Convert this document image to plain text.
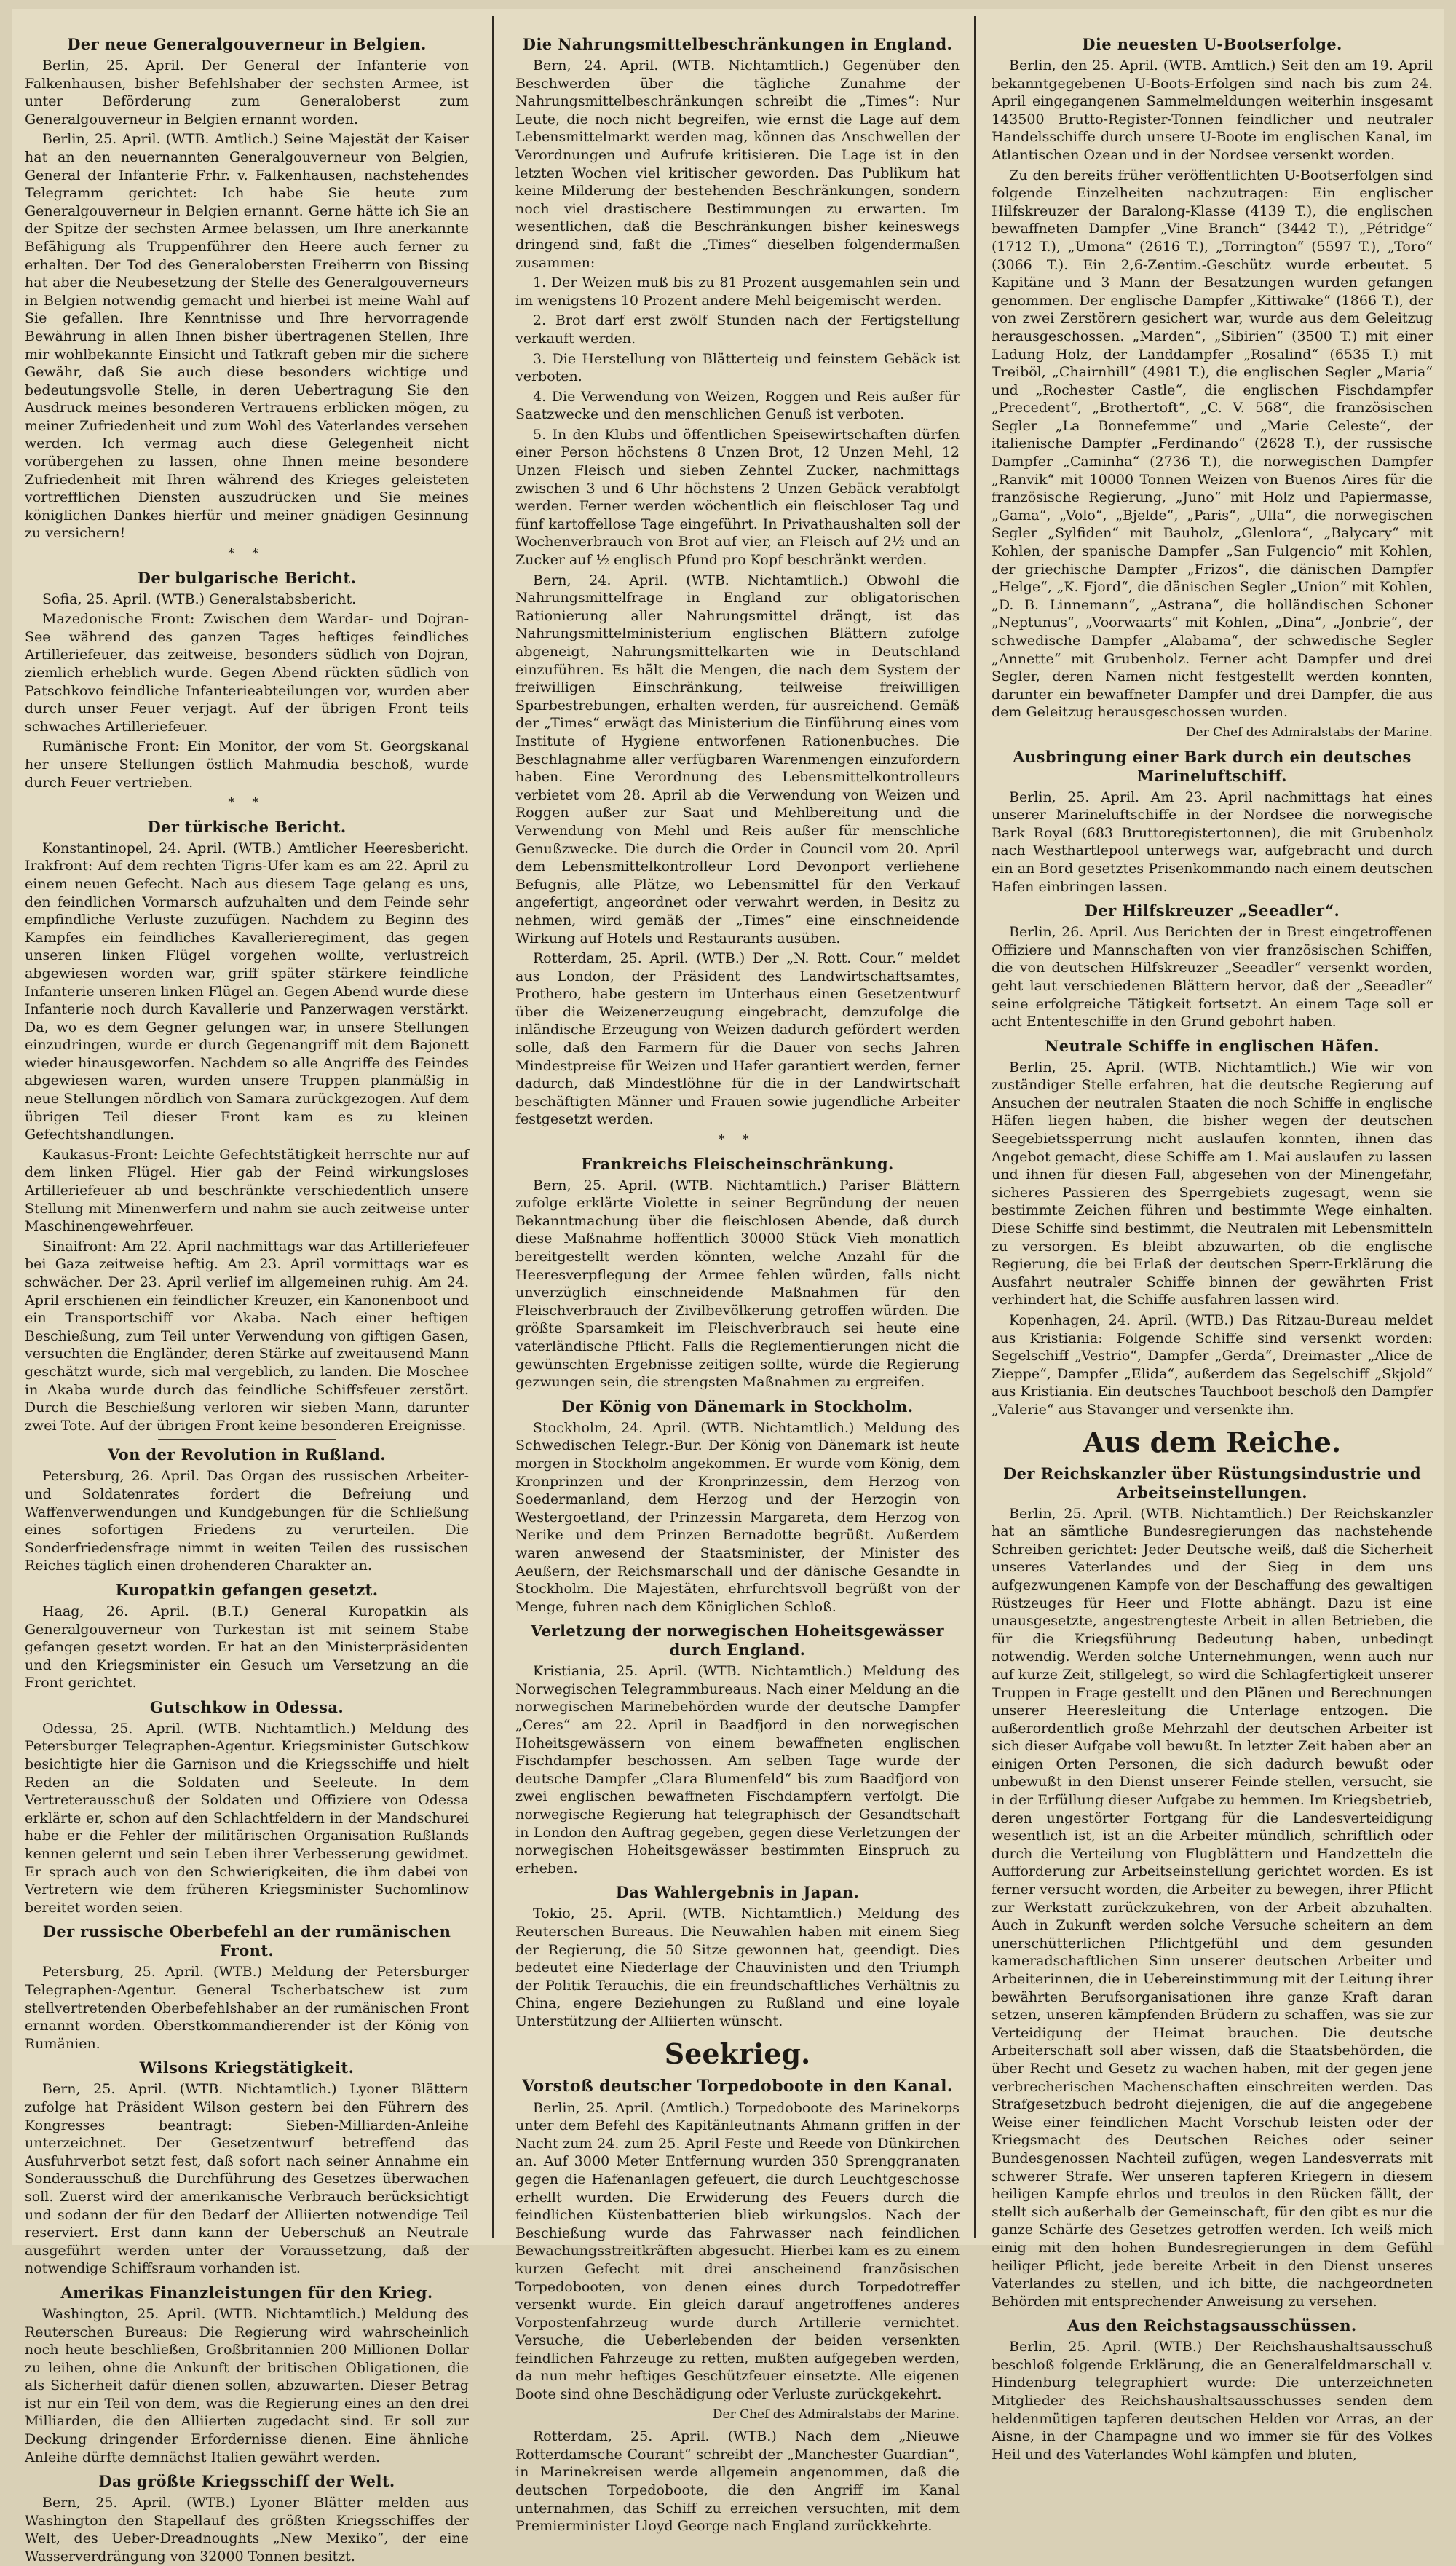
Der neue Generalgouverneur in Belgien.

Berlin, 25. April. Der General der Infanterie von Falkenhausen, bisher Befehlshaber der sechsten Armee, ist unter Beförderung zum Generaloberst zum Generalgouverneur in Belgien ernannt worden.

Berlin, 25. April. (WTB. Amtlich.) Seine Majestät der Kaiser hat an den neuernannten Generalgouverneur von Belgien, General der Infanterie Frhr. v. Falkenhausen, nachstehendes Telegramm gerichtet: Ich habe Sie heute zum Generalgouverneur in Belgien ernannt. Gerne hätte ich Sie an der Spitze der sechsten Armee belassen, um Ihre anerkannte Befähigung als Truppenführer den Heere auch ferner zu erhalten. Der Tod des Generalobersten Freiherrn von Bissing hat aber die Neubesetzung der Stelle des Generalgouverneurs in Belgien notwendig gemacht und hierbei ist meine Wahl auf Sie gefallen. Ihre Kenntnisse und Ihre hervorragende Bewährung in allen Ihnen bisher übertragenen Stellen, Ihre mir wohlbekannte Einsicht und Tatkraft geben mir die sichere Gewähr, daß Sie auch diese besonders wichtige und bedeutungsvolle Stelle, in deren Uebertragung Sie den Ausdruck meines besonderen Vertrauens erblicken mögen, zu meiner Zufriedenheit und zum Wohl des Vaterlandes versehen werden. Ich vermag auch diese Gelegenheit nicht vorübergehen zu lassen, ohne Ihnen meine besondere Zufriedenheit mit Ihren während des Krieges geleisteten vortrefflichen Diensten auszudrücken und Sie meines königlichen Dankes hierfür und meiner gnädigen Gesinnung zu versichern!

* *
Der bulgarische Bericht.

Sofia, 25. April. (WTB.) Generalstabsbericht.

Mazedonische Front: Zwischen dem Wardar- und Dojran-See während des ganzen Tages heftiges feindliches Artilleriefeuer, das zeitweise, besonders südlich von Dojran, ziemlich erheblich wurde. Gegen Abend rückten südlich von Patschkovo feindliche Infanterieabteilungen vor, wurden aber durch unser Feuer verjagt. Auf der übrigen Front teils schwaches Artilleriefeuer.

Rumänische Front: Ein Monitor, der vom St. Georgskanal her unsere Stellungen östlich Mahmudia beschoß, wurde durch Feuer vertrieben.

* *
Der türkische Bericht.

Konstantinopel, 24. April. (WTB.) Amtlicher Heeresbericht. Irakfront: Auf dem rechten Tigris-Ufer kam es am 22. April zu einem neuen Gefecht. Nach aus diesem Tage gelang es uns, den feindlichen Vormarsch aufzuhalten und dem Feinde sehr empfindliche Verluste zuzufügen. Nachdem zu Beginn des Kampfes ein feindliches Kavallerieregiment, das gegen unseren linken Flügel vorgehen wollte, verlustreich abgewiesen worden war, griff später stärkere feindliche Infanterie unseren linken Flügel an. Gegen Abend wurde diese Infanterie noch durch Kavallerie und Panzerwagen verstärkt. Da, wo es dem Gegner gelungen war, in unsere Stellungen einzudringen, wurde er durch Gegenangriff mit dem Bajonett wieder hinausgeworfen. Nachdem so alle Angriffe des Feindes abgewiesen waren, wurden unsere Truppen planmäßig in neue Stellungen nördlich von Samara zurückgezogen. Auf dem übrigen Teil dieser Front kam es zu kleinen Gefechtshandlungen.

Kaukasus-Front: Leichte Gefechtstätigkeit herrschte nur auf dem linken Flügel. Hier gab der Feind wirkungsloses Artilleriefeuer ab und beschränkte verschiedentlich unsere Stellung mit Minenwerfern und nahm sie auch zeitweise unter Maschinengewehrfeuer.

Sinaifront: Am 22. April nachmittags war das Artilleriefeuer bei Gaza zeitweise heftig. Am 23. April vormittags war es schwächer. Der 23. April verlief im allgemeinen ruhig. Am 24. April erschienen ein feindlicher Kreuzer, ein Kanonenboot und ein Transportschiff vor Akaba. Nach einer heftigen Beschießung, zum Teil unter Verwendung von giftigen Gasen, versuchten die Engländer, deren Stärke auf zweitausend Mann geschätzt wurde, sich mal vergeblich, zu landen. Die Moschee in Akaba wurde durch das feindliche Schiffsfeuer zerstört. Durch die Beschießung verloren wir sieben Mann, darunter zwei Tote. Auf der übrigen Front keine besonderen Ereignisse.

Von der Revolution in Rußland.

Petersburg, 26. April. Das Organ des russischen Arbeiter- und Soldatenrates fordert die Befreiung und Waffenverwendungen und Kundgebungen für die Schließung eines sofortigen Friedens zu verurteilen. Die Sonderfriedensfrage nimmt in weiten Teilen des russischen Reiches täglich einen drohenderen Charakter an.

Kuropatkin gefangen gesetzt.

Haag, 26. April. (B.T.) General Kuropatkin als Generalgouverneur von Turkestan ist mit seinem Stabe gefangen gesetzt worden. Er hat an den Ministerpräsidenten und den Kriegsminister ein Gesuch um Versetzung an die Front gerichtet.

Gutschkow in Odessa.

Odessa, 25. April. (WTB. Nichtamtlich.) Meldung des Petersburger Telegraphen-Agentur. Kriegsminister Gutschkow besichtigte hier die Garnison und die Kriegsschiffe und hielt Reden an die Soldaten und Seeleute. In dem Vertreterausschuß der Soldaten und Offiziere von Odessa erklärte er, schon auf den Schlachtfeldern in der Mandschurei habe er die Fehler der militärischen Organisation Rußlands kennen gelernt und sein Leben ihrer Verbesserung gewidmet. Er sprach auch von den Schwierigkeiten, die ihm dabei von Vertretern wie dem früheren Kriegsminister Suchomlinow bereitet worden seien.

Der russische Oberbefehl an der rumänischen Front.

Petersburg, 25. April. (WTB.) Meldung der Petersburger Telegraphen-Agentur. General Tscherbatschew ist zum stellvertretenden Oberbefehlshaber an der rumänischen Front ernannt worden. Oberstkommandierender ist der König von Rumänien.

Wilsons Kriegstätigkeit.

Bern, 25. April. (WTB. Nichtamtlich.) Lyoner Blättern zufolge hat Präsident Wilson gestern bei den Führern des Kongresses beantragt: Sieben-Milliarden-Anleihe unterzeichnet. Der Gesetzentwurf betreffend das Ausfuhrverbot setzt fest, daß sofort nach seiner Annahme ein Sonderausschuß die Durchführung des Gesetzes überwachen soll. Zuerst wird der amerikanische Verbrauch berücksichtigt und sodann der für den Bedarf der Alliierten notwendige Teil reserviert. Erst dann kann der Ueberschuß an Neutrale ausgeführt werden unter der Voraussetzung, daß der notwendige Schiffsraum vorhanden ist.

Amerikas Finanzleistungen für den Krieg.

Washington, 25. April. (WTB. Nichtamtlich.) Meldung des Reuterschen Bureaus: Die Regierung wird wahrscheinlich noch heute beschließen, Großbritannien 200 Millionen Dollar zu leihen, ohne die Ankunft der britischen Obligationen, die als Sicherheit dafür dienen sollen, abzuwarten. Dieser Betrag ist nur ein Teil von dem, was die Regierung eines an den drei Milliarden, die den Alliierten zugedacht sind. Er soll zur Deckung dringender Erfordernisse dienen. Eine ähnliche Anleihe dürfte demnächst Italien gewährt werden.

Das größte Kriegsschiff der Welt.

Bern, 25. April. (WTB.) Lyoner Blätter melden aus Washington den Stapellauf des größten Kriegsschiffes der Welt, des Ueber-Dreadnoughts „New Mexiko“, der eine Wasserverdrängung von 32000 Tonnen besitzt.

Die Nahrungsmittelbeschränkungen in England.

Bern, 24. April. (WTB. Nichtamtlich.) Gegenüber den Beschwerden über die tägliche Zunahme der Nahrungsmittelbeschränkungen schreibt die „Times“: Nur Leute, die noch nicht begreifen, wie ernst die Lage auf dem Lebensmittelmarkt werden mag, können das Anschwellen der Verordnungen und Aufrufe kritisieren. Die Lage ist in den letzten Wochen viel kritischer geworden. Das Publikum hat keine Milderung der bestehenden Beschränkungen, sondern noch viel drastischere Bestimmungen zu erwarten. Im wesentlichen, daß die Beschränkungen bisher keineswegs dringend sind, faßt die „Times“ dieselben folgendermaßen zusammen:

1. Der Weizen muß bis zu 81 Prozent ausgemahlen sein und im wenigstens 10 Prozent andere Mehl beigemischt werden.

2. Brot darf erst zwölf Stunden nach der Fertigstellung verkauft werden.

3. Die Herstellung von Blätterteig und feinstem Gebäck ist verboten.

4. Die Verwendung von Weizen, Roggen und Reis außer für Saatzwecke und den menschlichen Genuß ist verboten.

5. In den Klubs und öffentlichen Speisewirtschaften dürfen einer Person höchstens 8 Unzen Brot, 12 Unzen Mehl, 12 Unzen Fleisch und sieben Zehntel Zucker, nachmittags zwischen 3 und 6 Uhr höchstens 2 Unzen Gebäck verabfolgt werden. Ferner werden wöchentlich ein fleischloser Tag und fünf kartoffellose Tage eingeführt. In Privathaushalten soll der Wochenverbrauch von Brot auf vier, an Fleisch auf 2½ und an Zucker auf ½ englisch Pfund pro Kopf beschränkt werden.

Bern, 24. April. (WTB. Nichtamtlich.) Obwohl die Nahrungsmittelfrage in England zur obligatorischen Rationierung aller Nahrungsmittel drängt, ist das Nahrungsmittelministerium englischen Blättern zufolge abgeneigt, Nahrungsmittelkarten wie in Deutschland einzuführen. Es hält die Mengen, die nach dem System der freiwilligen Einschränkung, teilweise freiwilligen Sparbestrebungen, erhalten werden, für ausreichend. Gemäß der „Times“ erwägt das Ministerium die Einführung eines vom Institute of Hygiene entworfenen Rationenbuches. Die Beschlagnahme aller verfügbaren Warenmengen einzufordern haben. Eine Verordnung des Lebensmittelkontrolleurs verbietet vom 28. April ab die Verwendung von Weizen und Roggen außer zur Saat und Mehlbereitung und die Verwendung von Mehl und Reis außer für menschliche Genußzwecke. Die durch die Order in Council vom 20. April dem Lebensmittelkontrolleur Lord Devonport verliehene Befugnis, alle Plätze, wo Lebensmittel für den Verkauf angefertigt, angeordnet oder verwahrt werden, in Besitz zu nehmen, wird gemäß der „Times“ eine einschneidende Wirkung auf Hotels und Restaurants ausüben.

Rotterdam, 25. April. (WTB.) Der „N. Rott. Cour.“ meldet aus London, der Präsident des Landwirtschaftsamtes, Prothero, habe gestern im Unterhaus einen Gesetzentwurf über die Weizenerzeugung eingebracht, demzufolge die inländische Erzeugung von Weizen dadurch gefördert werden solle, daß den Farmern für die Dauer von sechs Jahren Mindestpreise für Weizen und Hafer garantiert werden, ferner dadurch, daß Mindestlöhne für die in der Landwirtschaft beschäftigten Männer und Frauen sowie jugendliche Arbeiter festgesetzt werden.

* *
Frankreichs Fleischeinschränkung.

Bern, 25. April. (WTB. Nichtamtlich.) Pariser Blättern zufolge erklärte Violette in seiner Begründung der neuen Bekanntmachung über die fleischlosen Abende, daß durch diese Maßnahme hoffentlich 30000 Stück Vieh monatlich bereitgestellt werden könnten, welche Anzahl für die Heeresverpflegung der Armee fehlen würden, falls nicht unverzüglich einschneidende Maßnahmen für den Fleischverbrauch der Zivilbevölkerung getroffen würden. Die größte Sparsamkeit im Fleischverbrauch sei heute eine vaterländische Pflicht. Falls die Reglementierungen nicht die gewünschten Ergebnisse zeitigen sollte, würde die Regierung gezwungen sein, die strengsten Maßnahmen zu ergreifen.

Der König von Dänemark in Stockholm.

Stockholm, 24. April. (WTB. Nichtamtlich.) Meldung des Schwedischen Telegr.-Bur. Der König von Dänemark ist heute morgen in Stockholm angekommen. Er wurde vom König, dem Kronprinzen und der Kronprinzessin, dem Herzog von Soedermanland, dem Herzog und der Herzogin von Westergoetland, der Prinzessin Margareta, dem Herzog von Nerike und dem Prinzen Bernadotte begrüßt. Außerdem waren anwesend der Staatsminister, der Minister des Aeußern, der Reichsmarschall und der dänische Gesandte in Stockholm. Die Majestäten, ehrfurchtsvoll begrüßt von der Menge, fuhren nach dem Königlichen Schloß.

Verletzung der norwegischen Hoheitsgewässer durch England.

Kristiania, 25. April. (WTB. Nichtamtlich.) Meldung des Norwegischen Telegrammbureaus. Nach einer Meldung an die norwegischen Marinebehörden wurde der deutsche Dampfer „Ceres“ am 22. April in Baadfjord in den norwegischen Hoheitsgewässern von einem bewaffneten englischen Fischdampfer beschossen. Am selben Tage wurde der deutsche Dampfer „Clara Blumenfeld“ bis zum Baadfjord von zwei englischen bewaffneten Fischdampfern verfolgt. Die norwegische Regierung hat telegraphisch der Gesandtschaft in London den Auftrag gegeben, gegen diese Verletzungen der norwegischen Hoheitsgewässer bestimmten Einspruch zu erheben.

Das Wahlergebnis in Japan.

Tokio, 25. April. (WTB. Nichtamtlich.) Meldung des Reuterschen Bureaus. Die Neuwahlen haben mit einem Sieg der Regierung, die 50 Sitze gewonnen hat, geendigt. Dies bedeutet eine Niederlage der Chauvinisten und den Triumph der Politik Terauchis, die ein freundschaftliches Verhältnis zu China, engere Beziehungen zu Rußland und eine loyale Unterstützung der Alliierten wünscht.

Seekrieg.
Vorstoß deutscher Torpedoboote in den Kanal.

Berlin, 25. April. (Amtlich.) Torpedoboote des Marinekorps unter dem Befehl des Kapitänleutnants Ahmann griffen in der Nacht zum 24. zum 25. April Feste und Reede von Dünkirchen an. Auf 3000 Meter Entfernung wurden 350 Sprenggranaten gegen die Hafenanlagen gefeuert, die durch Leuchtgeschosse erhellt wurden. Die Erwiderung des Feuers durch die feindlichen Küstenbatterien blieb wirkungslos. Nach der Beschießung wurde das Fahrwasser nach feindlichen Bewachungsstreitkräften abgesucht. Hierbei kam es zu einem kurzen Gefecht mit drei anscheinend französischen Torpedobooten, von denen eines durch Torpedotreffer versenkt wurde. Ein gleich darauf angetroffenes anderes Vorpostenfahrzeug wurde durch Artillerie vernichtet. Versuche, die Ueberlebenden der beiden versenkten feindlichen Fahrzeuge zu retten, mußten aufgegeben werden, da nun mehr heftiges Geschützfeuer einsetzte. Alle eigenen Boote sind ohne Beschädigung oder Verluste zurückgekehrt.

Der Chef des Admiralstabs der Marine.

Rotterdam, 25. April. (WTB.) Nach dem „Nieuwe Rotterdamsche Courant“ schreibt der „Manchester Guardian“, in Marinekreisen werde allgemein angenommen, daß die deutschen Torpedoboote, die den Angriff im Kanal unternahmen, das Schiff zu erreichen versuchten, mit dem Premierminister Lloyd George nach England zurückkehrte.

Die neuesten U-Bootserfolge.

Berlin, den 25. April. (WTB. Amtlich.) Seit den am 19. April bekanntgegebenen U-Boots-Erfolgen sind nach bis zum 24. April eingegangenen Sammelmeldungen weiterhin insgesamt 143500 Brutto-Register-Tonnen feindlicher und neutraler Handelsschiffe durch unsere U-Boote im englischen Kanal, im Atlantischen Ozean und in der Nordsee versenkt worden.

Zu den bereits früher veröffentlichten U-Bootserfolgen sind folgende Einzelheiten nachzutragen: Ein englischer Hilfskreuzer der Baralong-Klasse (4139 T.), die englischen bewaffneten Dampfer „Vine Branch“ (3442 T.), „Pétridge“ (1712 T.), „Umona“ (2616 T.), „Torrington“ (5597 T.), „Toro“ (3066 T.). Ein 2,6-Zentim.-Geschütz wurde erbeutet. 5 Kapitäne und 3 Mann der Besatzungen wurden gefangen genommen. Der englische Dampfer „Kittiwake“ (1866 T.), der von zwei Zerstörern gesichert war, wurde aus dem Geleitzug herausgeschossen. „Marden“, „Sibirien“ (3500 T.) mit einer Ladung Holz, der Landdampfer „Rosalind“ (6535 T.) mit Treiböl, „Chairnhill“ (4981 T.), die englischen Segler „Maria“ und „Rochester Castle“, die englischen Fischdampfer „Precedent“, „Brothertoft“, „C. V. 568“, die französischen Segler „La Bonnefemme“ und „Marie Celeste“, der italienische Dampfer „Ferdinando“ (2628 T.), der russische Dampfer „Caminha“ (2736 T.), die norwegischen Dampfer „Ranvik“ mit 10000 Tonnen Weizen von Buenos Aires für die französische Regierung, „Juno“ mit Holz und Papiermasse, „Gama“, „Volo“, „Bjelde“, „Paris“, „Ulla“, die norwegischen Segler „Sylfiden“ mit Bauholz, „Glenlora“, „Balycary“ mit Kohlen, der spanische Dampfer „San Fulgencio“ mit Kohlen, der griechische Dampfer „Frizos“, die dänischen Dampfer „Helge“, „K. Fjord“, die dänischen Segler „Union“ mit Kohlen, „D. B. Linnemann“, „Astrana“, die holländischen Schoner „Neptunus“, „Voorwaarts“ mit Kohlen, „Dina“, „Jonbrie“, der schwedische Dampfer „Alabama“, der schwedische Segler „Annette“ mit Grubenholz. Ferner acht Dampfer und drei Segler, deren Namen nicht festgestellt werden konnten, darunter ein bewaffneter Dampfer und drei Dampfer, die aus dem Geleitzug herausgeschossen wurden.

Der Chef des Admiralstabs der Marine.
Ausbringung einer Bark durch ein deutsches Marineluftschiff.

Berlin, 25. April. Am 23. April nachmittags hat eines unserer Marineluftschiffe in der Nordsee die norwegische Bark Royal (683 Bruttoregistertonnen), die mit Grubenholz nach Westhartlepool unterwegs war, aufgebracht und durch ein an Bord gesetztes Prisenkommando nach einem deutschen Hafen einbringen lassen.

Der Hilfskreuzer „Seeadler“.

Berlin, 26. April. Aus Berichten der in Brest eingetroffenen Offiziere und Mannschaften von vier französischen Schiffen, die von deutschen Hilfskreuzer „Seeadler“ versenkt worden, geht laut verschiedenen Blättern hervor, daß der „Seeadler“ seine erfolgreiche Tätigkeit fortsetzt. An einem Tage soll er acht Ententeschiffe in den Grund gebohrt haben.

Neutrale Schiffe in englischen Häfen.

Berlin, 25. April. (WTB. Nichtamtlich.) Wie wir von zuständiger Stelle erfahren, hat die deutsche Regierung auf Ansuchen der neutralen Staaten die noch Schiffe in englische Häfen liegen haben, die bisher wegen der deutschen Seegebietssperrung nicht auslaufen konnten, ihnen das Angebot gemacht, diese Schiffe am 1. Mai auslaufen zu lassen und ihnen für diesen Fall, abgesehen von der Minengefahr, sicheres Passieren des Sperrgebiets zugesagt, wenn sie bestimmte Zeichen führen und bestimmte Wege einhalten. Diese Schiffe sind bestimmt, die Neutralen mit Lebensmitteln zu versorgen. Es bleibt abzuwarten, ob die englische Regierung, die bei Erlaß der deutschen Sperr-Erklärung die Ausfahrt neutraler Schiffe binnen der gewährten Frist verhindert hat, die Schiffe ausfahren lassen wird.

Kopenhagen, 24. April. (WTB.) Das Ritzau-Bureau meldet aus Kristiania: Folgende Schiffe sind versenkt worden: Segelschiff „Vestrio“, Dampfer „Gerda“, Dreimaster „Alice de Zieppe“, Dampfer „Elida“, außerdem das Segelschiff „Skjold“ aus Kristiania. Ein deutsches Tauchboot beschoß den Dampfer „Valerie“ aus Stavanger und versenkte ihn.

Aus dem Reiche.
Der Reichskanzler über Rüstungsindustrie und Arbeitseinstellungen.

Berlin, 25. April. (WTB. Nichtamtlich.) Der Reichskanzler hat an sämtliche Bundesregierungen das nachstehende Schreiben gerichtet: Jeder Deutsche weiß, daß die Sicherheit unseres Vaterlandes und der Sieg in dem uns aufgezwungenen Kampfe von der Beschaffung des gewaltigen Rüstzeuges für Heer und Flotte abhängt. Dazu ist eine unausgesetzte, angestrengteste Arbeit in allen Betrieben, die für die Kriegsführung Bedeutung haben, unbedingt notwendig. Werden solche Unternehmungen, wenn auch nur auf kurze Zeit, stillgelegt, so wird die Schlagfertigkeit unserer Truppen in Frage gestellt und den Plänen und Berechnungen unserer Heeresleitung die Unterlage entzogen. Die außerordentlich große Mehrzahl der deutschen Arbeiter ist sich dieser Aufgabe voll bewußt. In letzter Zeit haben aber an einigen Orten Personen, die sich dadurch bewußt oder unbewußt in den Dienst unserer Feinde stellen, versucht, sie in der Erfüllung dieser Aufgabe zu hemmen. Im Kriegsbetrieb, deren ungestörter Fortgang für die Landesverteidigung wesentlich ist, ist an die Arbeiter mündlich, schriftlich oder durch die Verteilung von Flugblättern und Handzetteln die Aufforderung zur Arbeitseinstellung gerichtet worden. Es ist ferner versucht worden, die Arbeiter zu bewegen, ihrer Pflicht zur Werkstatt zurückzukehren, von der Arbeit abzuhalten. Auch in Zukunft werden solche Versuche scheitern an dem unerschütterlichen Pflichtgefühl und dem gesunden kameradschaftlichen Sinn unserer deutschen Arbeiter und Arbeiterinnen, die in Uebereinstimmung mit der Leitung ihrer bewährten Berufsorganisationen ihre ganze Kraft daran setzen, unseren kämpfenden Brüdern zu schaffen, was sie zur Verteidigung der Heimat brauchen. Die deutsche Arbeiterschaft soll aber wissen, daß die Staatsbehörden, die über Recht und Gesetz zu wachen haben, mit der gegen jene verbrecherischen Machenschaften einschreiten werden. Das Strafgesetzbuch bedroht diejenigen, die auf die angegebene Weise einer feindlichen Macht Vorschub leisten oder der Kriegsmacht des Deutschen Reiches oder seiner Bundesgenossen Nachteil zufügen, wegen Landesverrats mit schwerer Strafe. Wer unseren tapferen Kriegern in diesem heiligen Kampfe ehrlos und treulos in den Rücken fällt, der stellt sich außerhalb der Gemeinschaft, für den gibt es nur die ganze Schärfe des Gesetzes getroffen werden. Ich weiß mich einig mit den hohen Bundesregierungen in dem Gefühl heiliger Pflicht, jede bereite Arbeit in den Dienst unseres Vaterlandes zu stellen, und ich bitte, die nachgeordneten Behörden mit entsprechender Anweisung zu versehen.

Aus den Reichstagsausschüssen.

Berlin, 25. April. (WTB.) Der Reichshaushaltsausschuß beschloß folgende Erklärung, die an Generalfeldmarschall v. Hindenburg telegraphiert wurde: Die unterzeichneten Mitglieder des Reichshaushaltsausschusses senden dem heldenmütigen tapferen deutschen Helden vor Arras, an der Aisne, in der Champagne und wo immer sie für des Volkes Heil und des Vaterlandes Wohl kämpfen und bluten,
